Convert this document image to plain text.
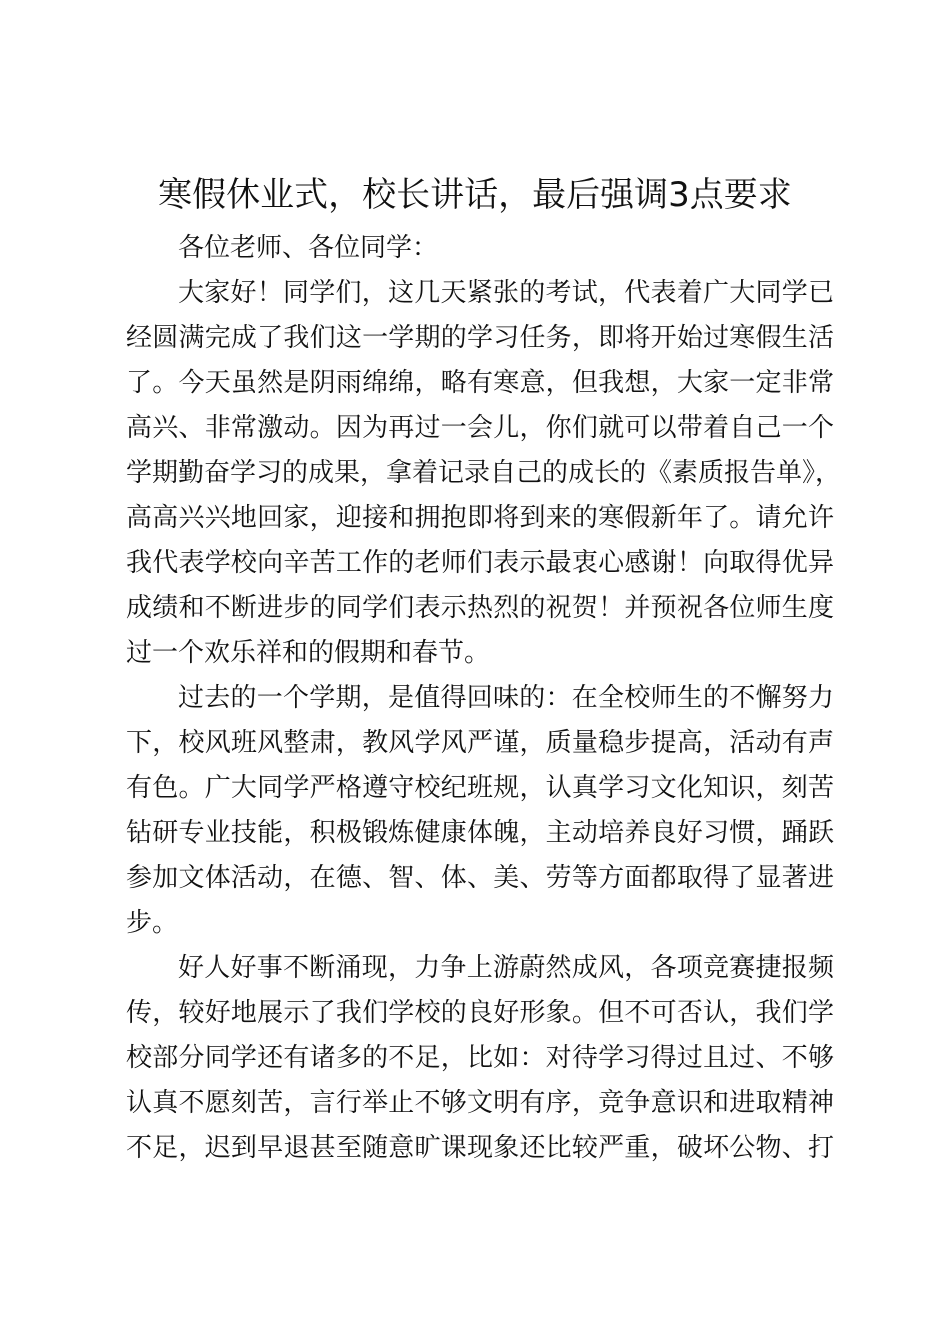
寒假休业式，校长讲话，最后强调3点要求

各位老师、各位同学：

大家好！同学们，这几天紧张的考试，代表着广大同学已
经圆满完成了我们这一学期的学习任务，即将开始过寒假生活
了。今天虽然是阴雨绵绵，略有寒意，但我想，大家一定非常
高兴、非常激动。因为再过一会儿，你们就可以带着自己一个
学期勤奋学习的成果，拿着记录自己的成长的《素质报告单》，
高高兴兴地回家，迎接和拥抱即将到来的寒假新年了。请允许
我代表学校向辛苦工作的老师们表示最衷心感谢！向取得优异
成绩和不断进步的同学们表示热烈的祝贺！并预祝各位师生度
过一个欢乐祥和的假期和春节。

过去的一个学期，是值得回味的：在全校师生的不懈努力
下，校风班风整肃，教风学风严谨，质量稳步提高，活动有声
有色。广大同学严格遵守校纪班规，认真学习文化知识，刻苦
钻研专业技能，积极锻炼健康体魄，主动培养良好习惯，踊跃
参加文体活动，在德、智、体、美、劳等方面都取得了显著进
步。

好人好事不断涌现，力争上游蔚然成风，各项竞赛捷报频
传，较好地展示了我们学校的良好形象。但不可否认，我们学
校部分同学还有诸多的不足，比如：对待学习得过且过、不够
认真不愿刻苦，言行举止不够文明有序，竞争意识和进取精神
不足，迟到早退甚至随意旷课现象还比较严重，破坏公物、打
